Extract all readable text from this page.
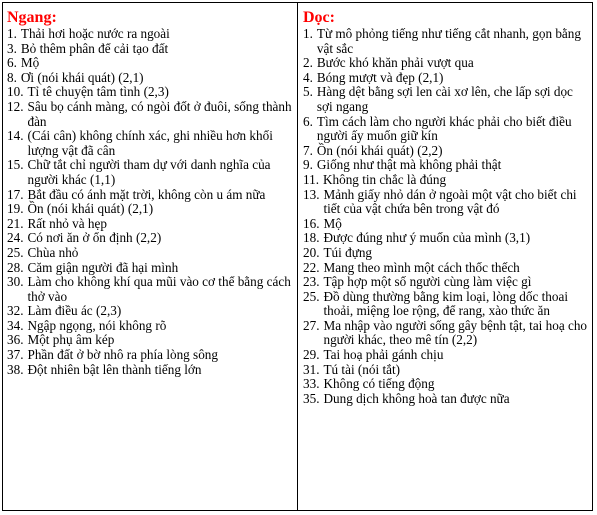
Ngang:
1. Thải hơi hoặc nước ra ngoài
3. Bỏ thêm phân để cải tạo đất
6. Mộ
8. Ơi (nói khái quát) (2,1)
10. Tỉ tê chuyện tâm tình (2,3)
12. Sâu bọ cánh màng, có ngòi đốt ở đuôi, sống thành đàn
14. (Cái cân) không chính xác, ghi nhiều hơn khối lượng vật đã cân
15. Chữ tắt chỉ người tham dự với danh nghĩa của người khác (1,1)
17. Bắt đầu có ánh mặt trời, không còn u ám nữa
19. Ồn (nói khái quát) (2,1)
21. Rất nhỏ và hẹp
24. Có nơi ăn ở ổn định (2,2)
25. Chùa nhỏ
28. Căm giận người đã hại mình
30. Làm cho không khí qua mũi vào cơ thể bằng cách thở vào
32. Làm điều ác (2,3)
34. Ngập ngọng, nói không rõ
36. Một phụ âm kép
37. Phần đất ở bờ nhô ra phía lòng sông
38. Đột nhiên bật lên thành tiếng lớn
Dọc:
1. Từ mô phỏng tiếng như tiếng cắt nhanh, gọn bằng vật sắc
2. Bước khó khăn phải vượt qua
4. Bóng mượt và đẹp (2,1)
5. Hàng dệt bằng sợi len cài xơ lên, che lấp sợi dọc sợi ngang
6. Tìm cách làm cho người khác phải cho biết điều người ấy muốn giữ kín
7. Ồn (nói khái quát) (2,2)
9. Giống như thật mà không phải thật
11. Không tin chắc là đúng
13. Mảnh giấy nhỏ dán ở ngoài một vật cho biết chi tiết của vật chứa bên trong vật đó
16. Mộ
18. Được đúng như ý muốn của mình (3,1)
20. Túi đựng
22. Mang theo mình một cách thốc thếch
23. Tập hợp một số người cùng làm việc gì
25. Đồ dùng thường bằng kim loại, lòng dốc thoai thoải, miệng loe rộng, để rang, xào thức ăn
27. Ma nhập vào người sống gây bệnh tật, tai hoạ cho người khác, theo mê tín (2,2)
29. Tai hoạ phải gánh chịu
31. Tú tài (nói tắt)
33. Không có tiếng động
35. Dung dịch không hoà tan được nữa
